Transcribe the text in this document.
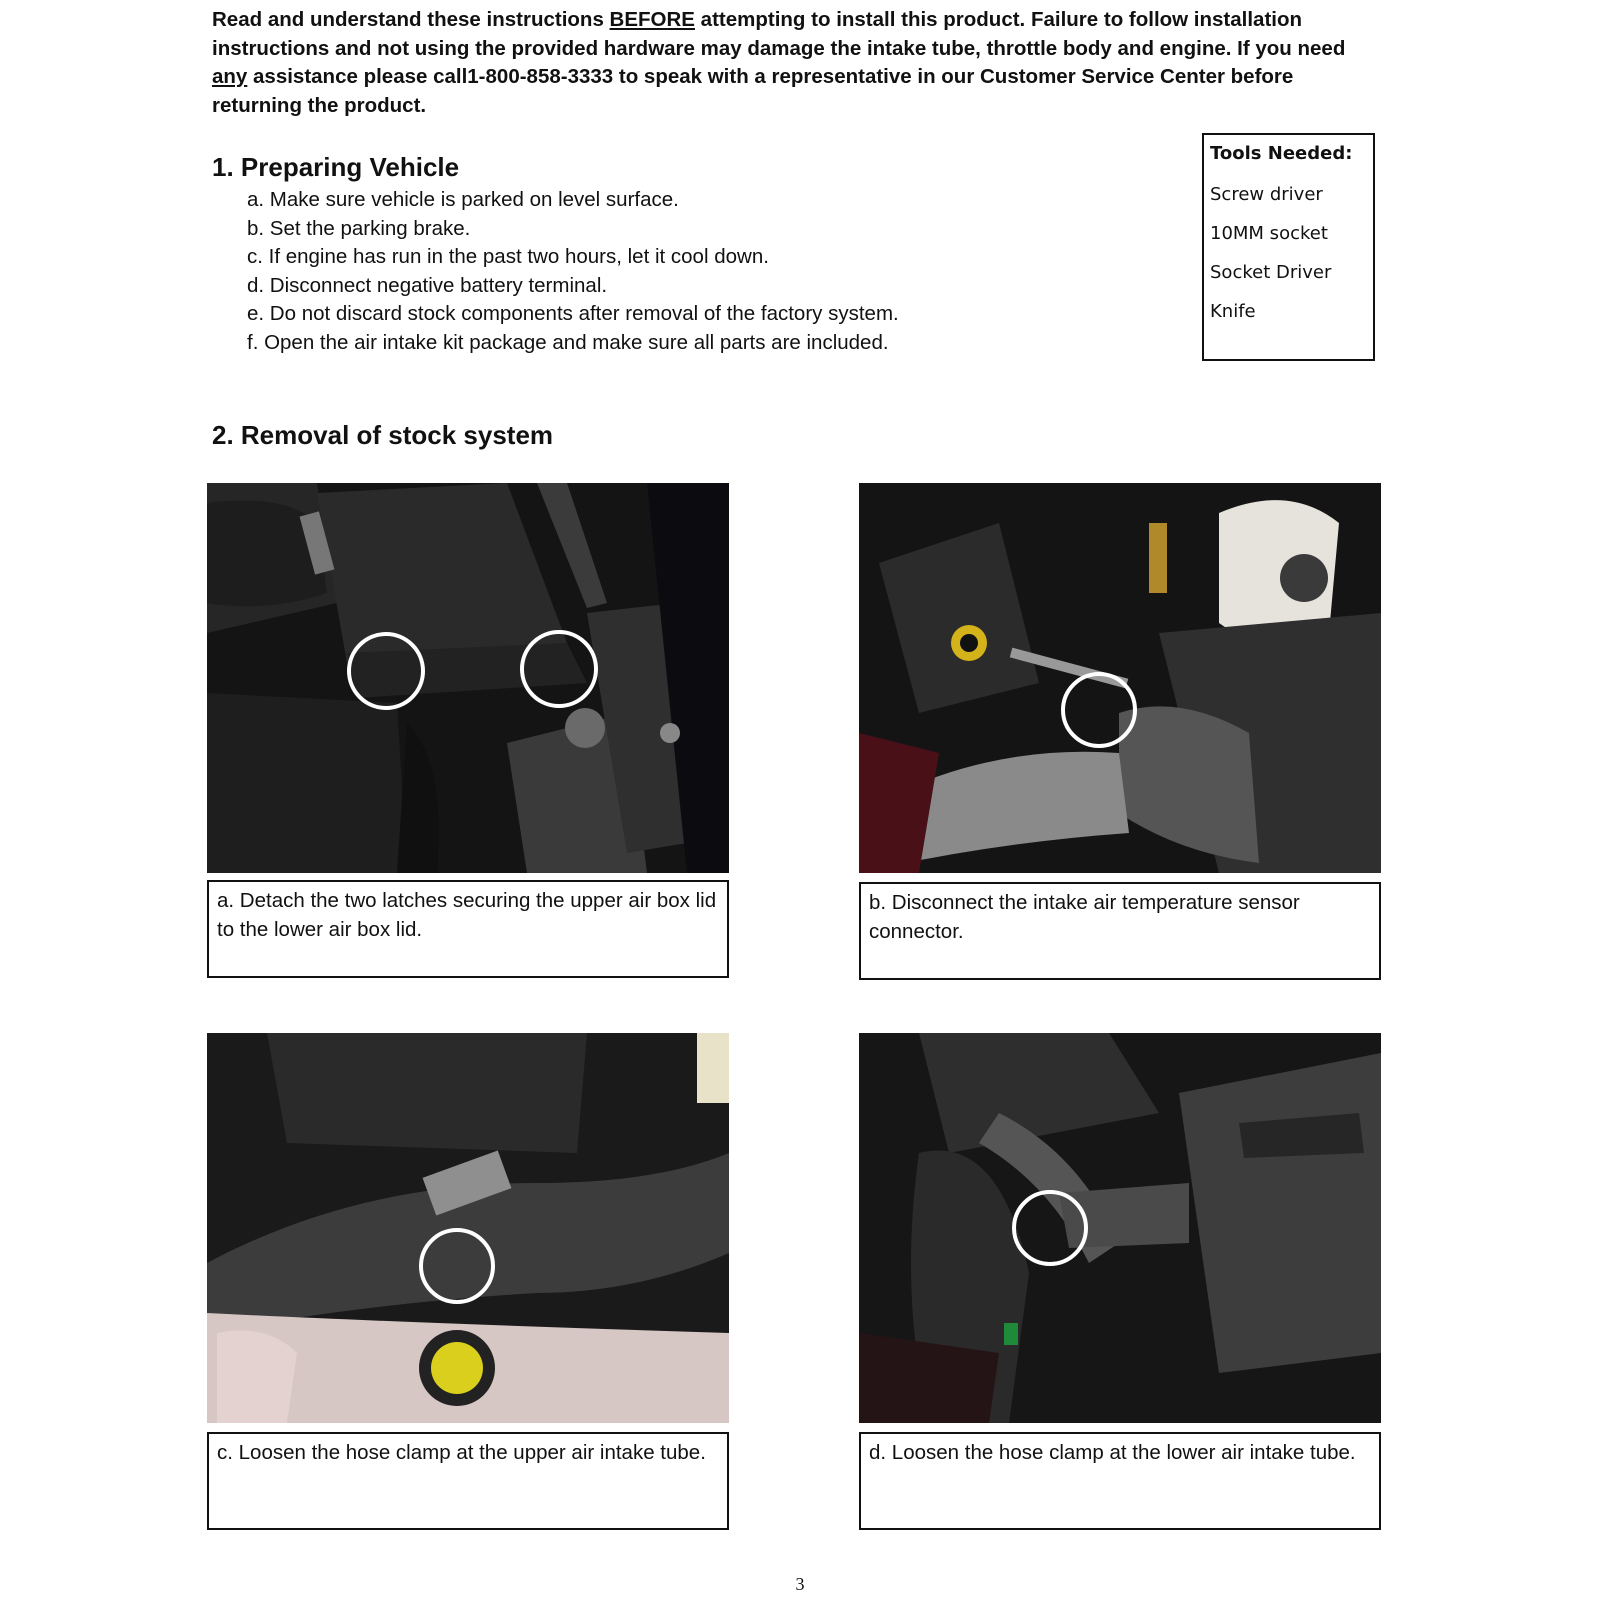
Read and understand these instructions BEFORE attempting to install this product. Failure to follow installation instructions and not using the provided hardware may damage the intake tube, throttle body and engine. If you need any assistance please call1-800-858-3333 to speak with a representative in our Customer Service Center before returning the product.
1. Preparing Vehicle
a. Make sure vehicle is parked on level surface.
b. Set the parking brake.
c. If engine has run in the past two hours, let it cool down.
d. Disconnect negative battery terminal.
e. Do not discard stock components after removal of the factory system.
f. Open the air intake kit package and make sure all parts are included.
Tools Needed:
Screw driver
10MM socket
Socket Driver
Knife
2. Removal of stock system
a. Detach the two latches securing the upper air box lid to the lower air box lid.
b. Disconnect the intake air temperature sensor connector.
c. Loosen the hose clamp at the upper air intake tube.	d. Loosen the hose clamp at the lower air intake tube.
3
